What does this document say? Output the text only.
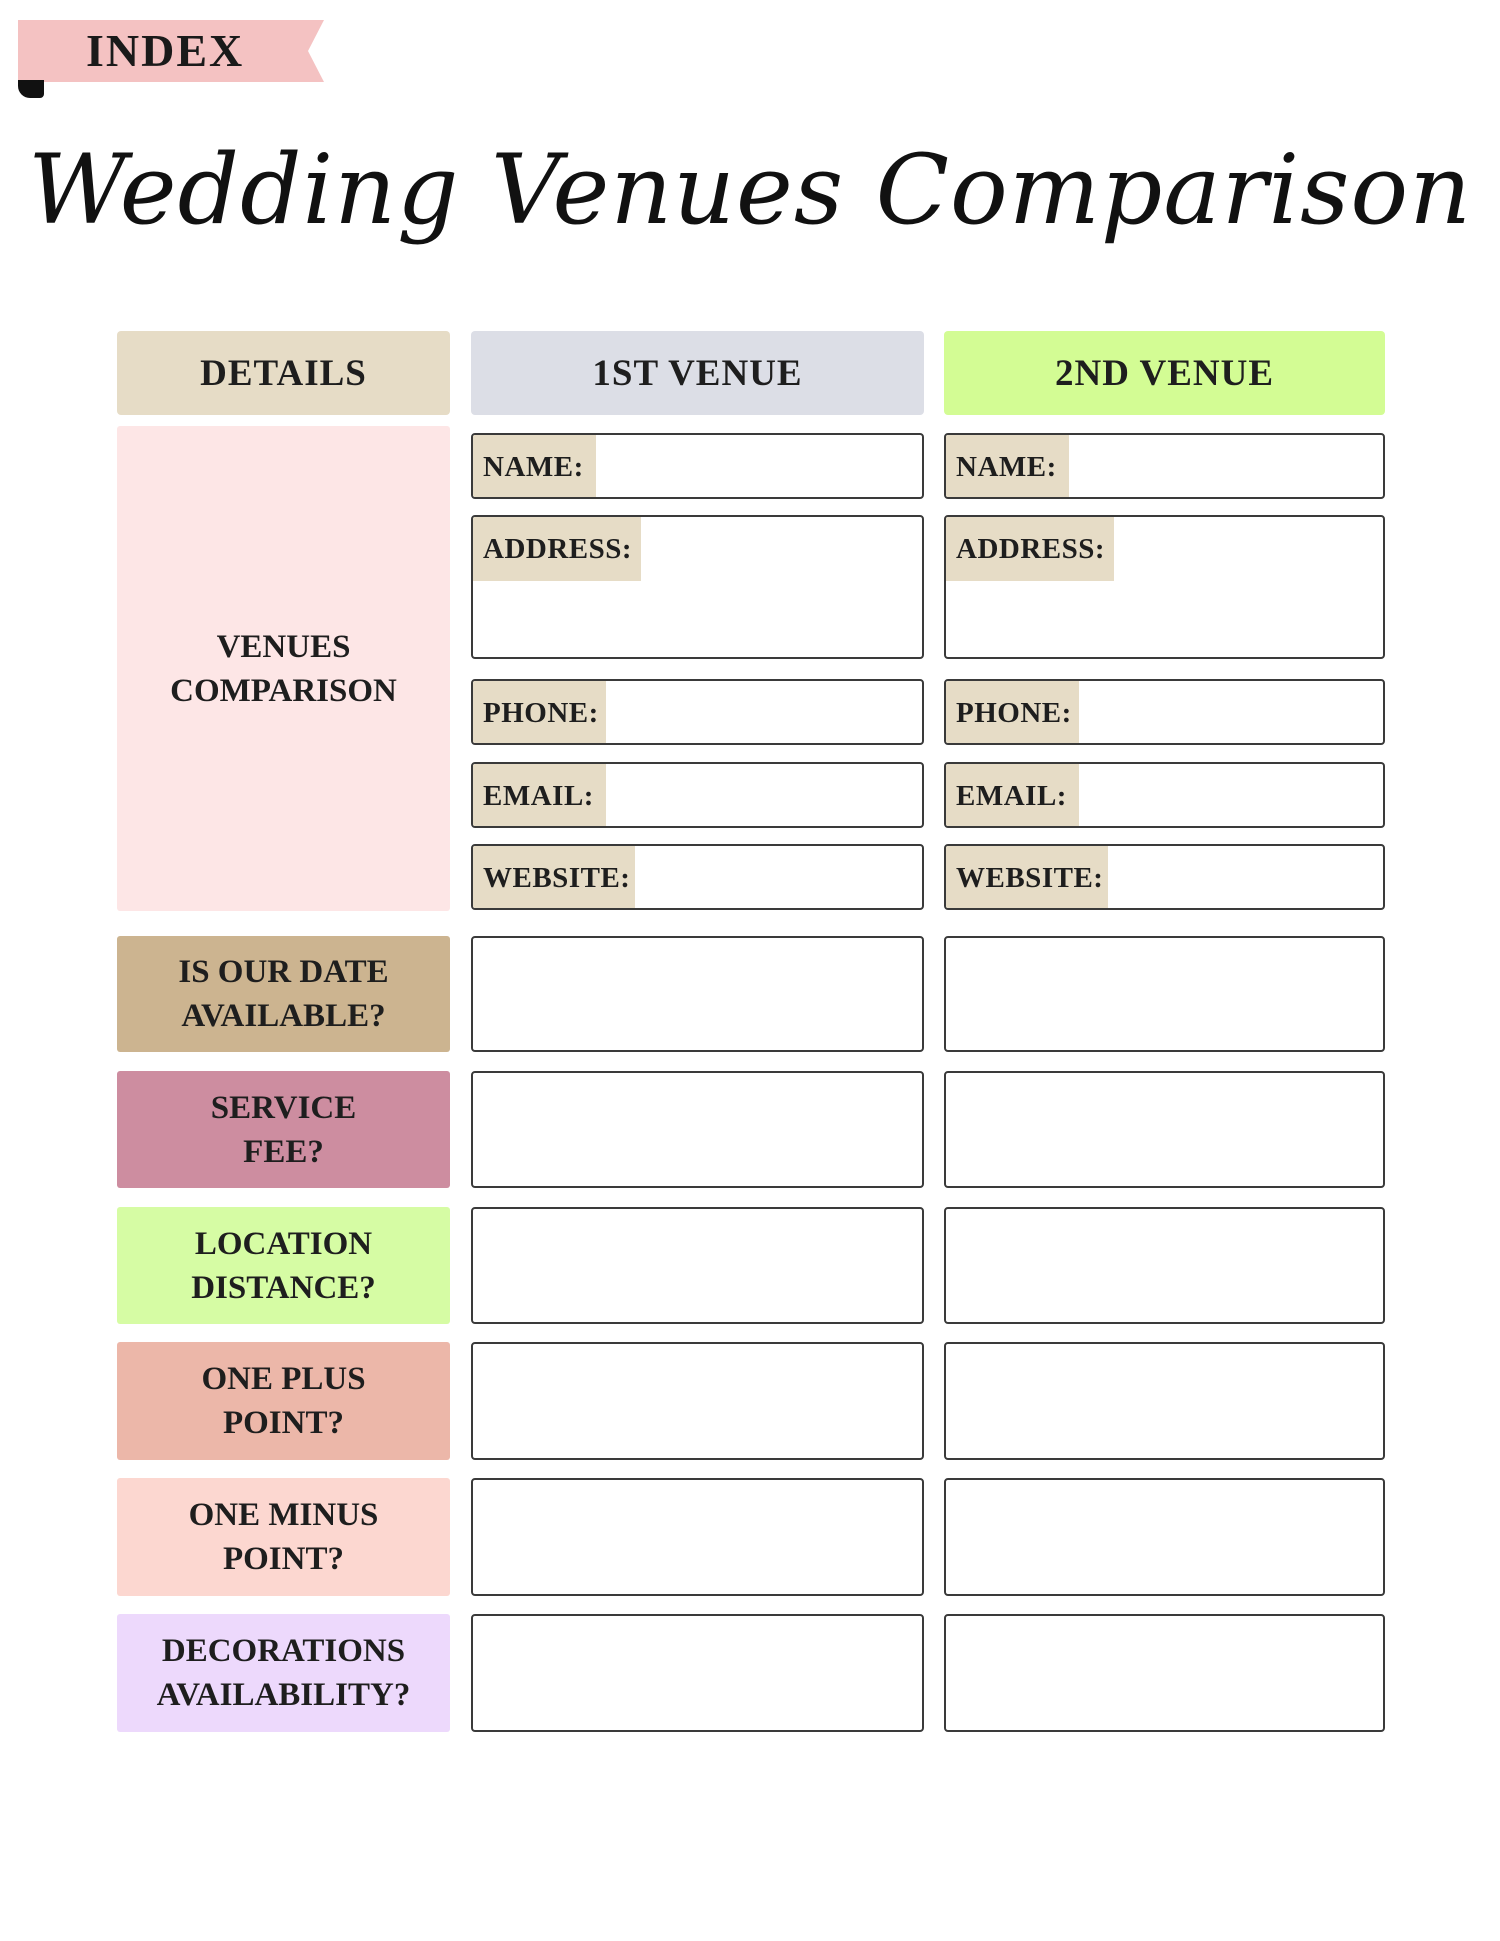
INDEX
Wedding Venues Comparison
DETAILS	1ST VENUE	2ND VENUE
VENUES
COMPARISON
NAME:
ADDRESS:
PHONE:
EMAIL:
WEBSITE:
NAME:
ADDRESS:
PHONE:
EMAIL:
WEBSITE:
IS OUR DATE
AVAILABLE?
SERVICE
FEE?
LOCATION
DISTANCE?
ONE PLUS
POINT?
ONE MINUS
POINT?
DECORATIONS
AVAILABILITY?
